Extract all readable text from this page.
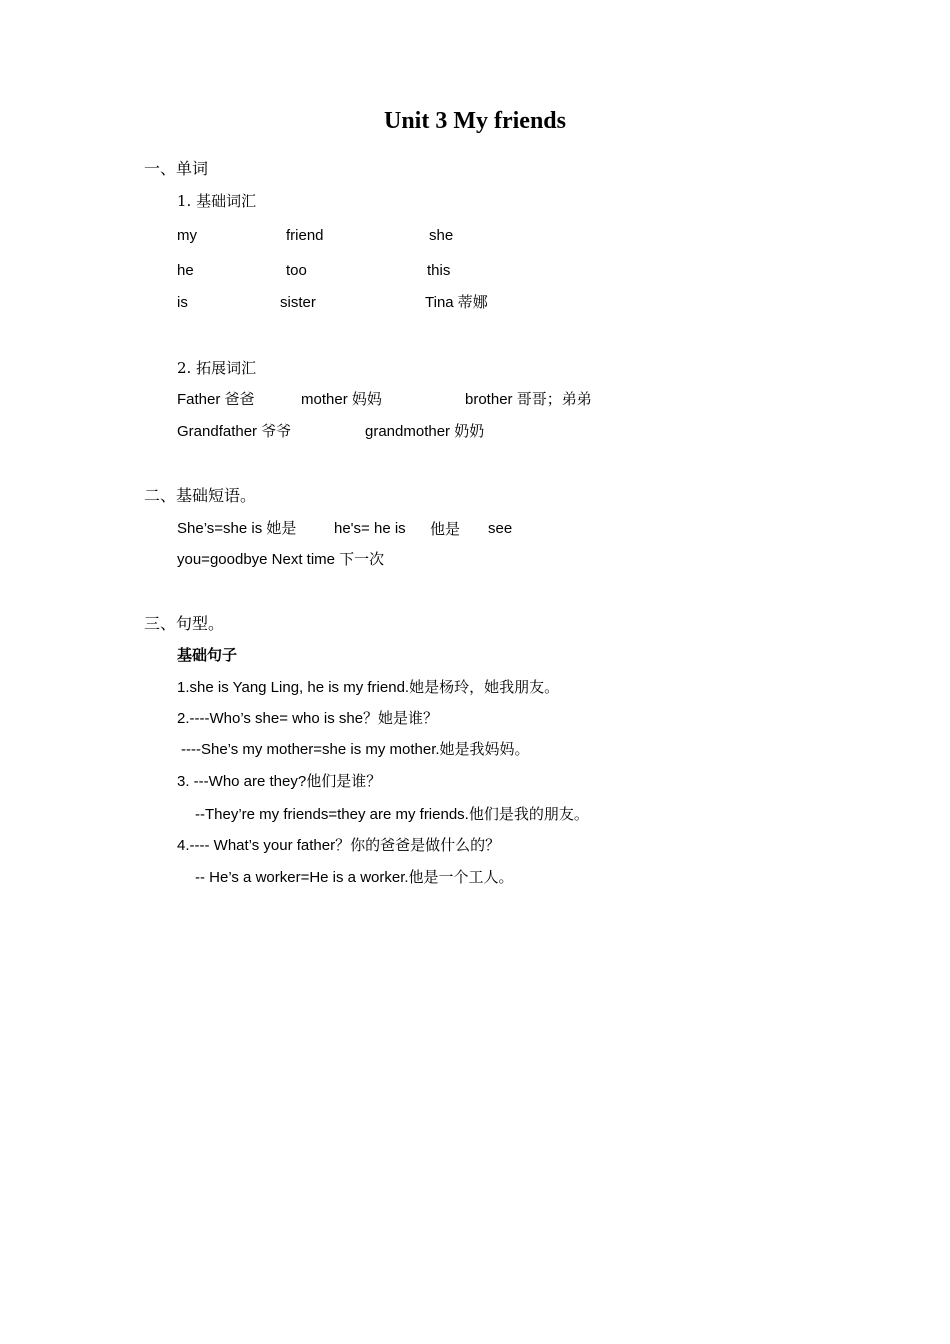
Unit 3 My friends
一、单词
1. 基础词汇
my	friend	she
he	too	this
is	sister	Tina 蒂娜
2. 拓展词汇
Father 爸爸	mother 妈妈	brother 哥哥；弟弟
Grandfather 爷爷	grandmother 奶奶
二、基础短语。
She’s=she is 她是	he's= he is 他是 see
you=goodbye Next time 下一次
三、句型。
基础句子
1.she is Yang Ling, he is my friend.她是杨玲，她我朋友。
2.----Who’s she= who is she？她是谁？
----She’s my mother=she is my mother.她是我妈妈。
3. ---Who are they?他们是谁？
--They’re my friends=they are my friends.他们是我的朋友。
4.---- What’s your father？你的爸爸是做什么的？
-- He’s a worker=He is a worker.他是一个工人。
